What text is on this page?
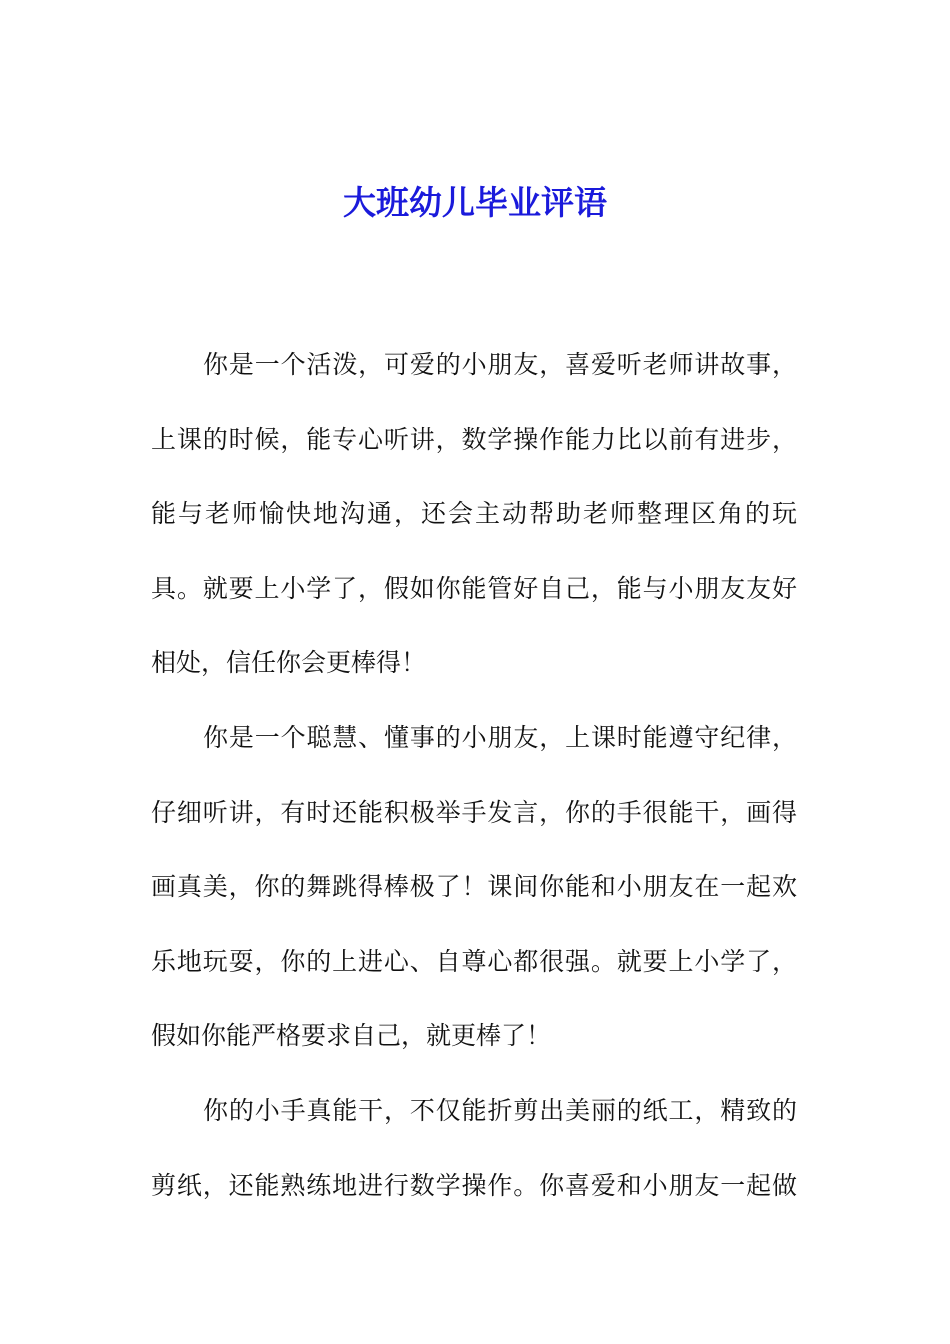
大班幼儿毕业评语
你是一个活泼，可爱的小朋友，喜爱听老师讲故事，
上课的时候，能专心听讲，数学操作能力比以前有进步，
能与老师愉快地沟通，还会主动帮助老师整理区角的玩
具。就要上小学了，假如你能管好自己，能与小朋友友好
相处，信任你会更棒得！
你是一个聪慧、懂事的小朋友，上课时能遵守纪律，
仔细听讲，有时还能积极举手发言，你的手很能干，画得
画真美，你的舞跳得棒极了！课间你能和小朋友在一起欢
乐地玩耍，你的上进心、自尊心都很强。就要上小学了，
假如你能严格要求自己，就更棒了！
你的小手真能干，不仅能折剪出美丽的纸工，精致的
剪纸，还能熟练地进行数学操作。你喜爱和小朋友一起做
